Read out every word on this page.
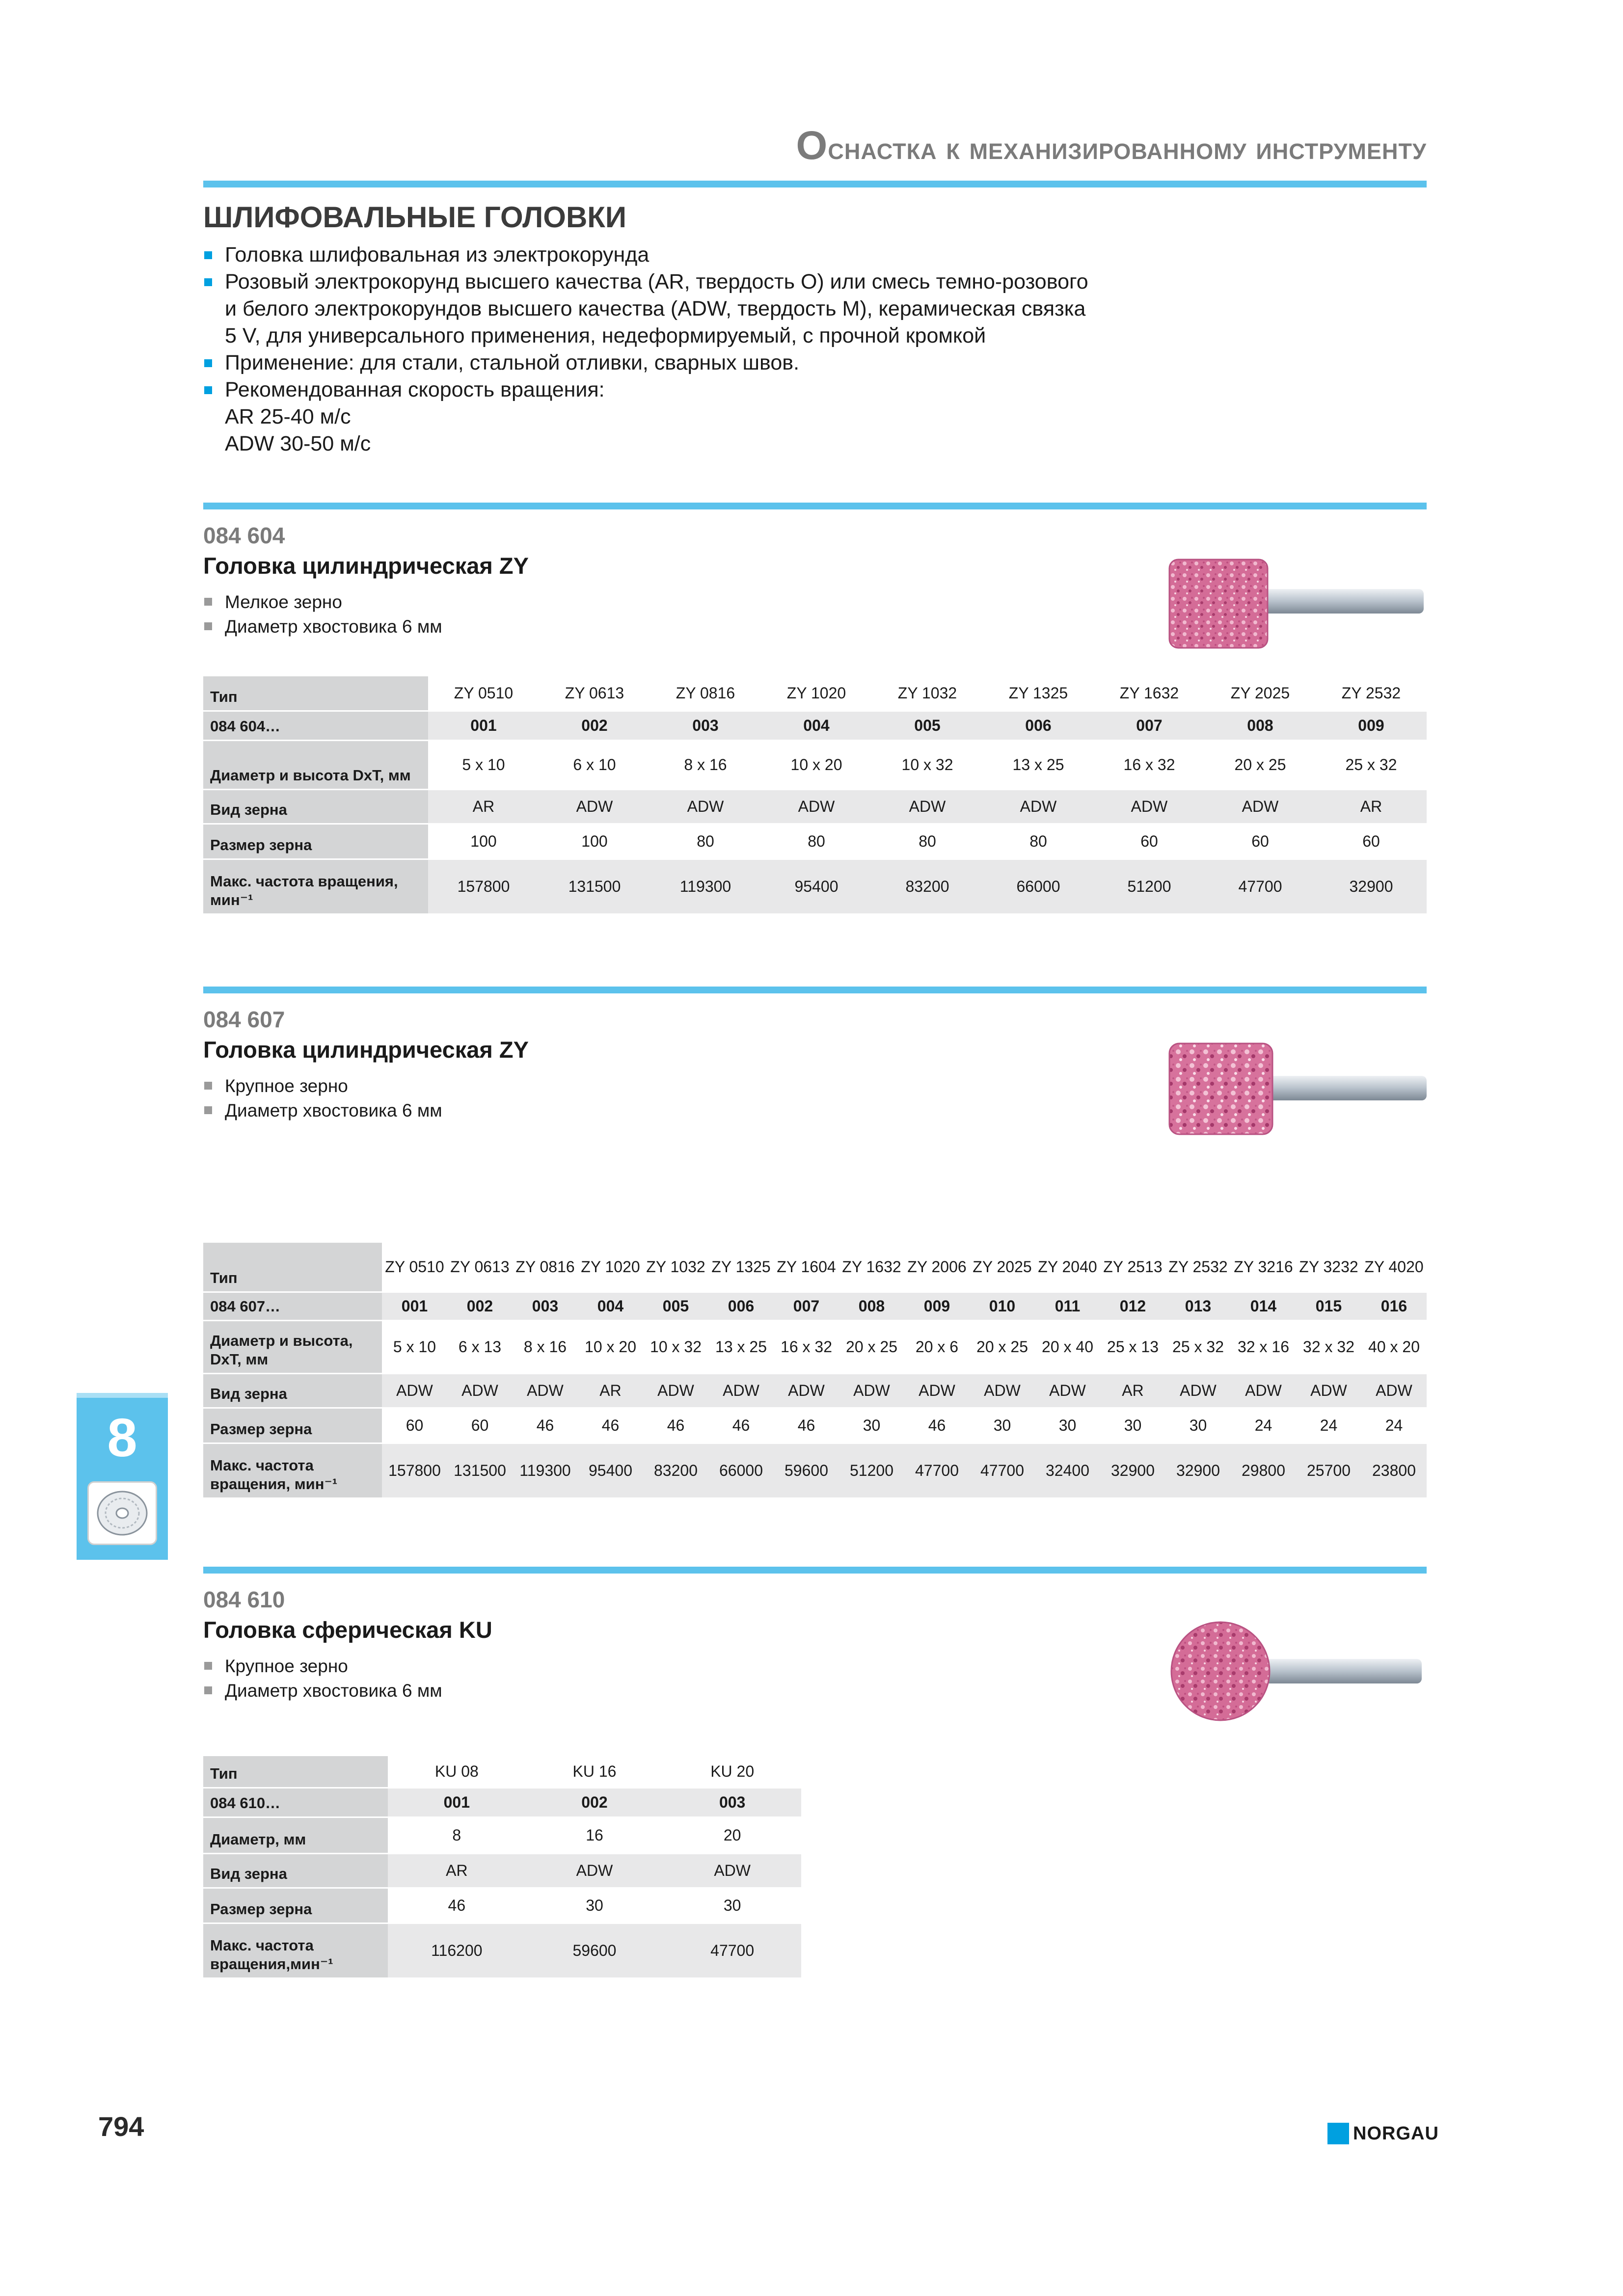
Оснастка к механизированному инструменту
ШЛИФОВАЛЬНЫЕ ГОЛОВКИ
Головка шлифовальная из электрокорунда
Розовый электрокорунд высшего качества (AR, твердость O) или смесь темно-розового
и белого электрокорундов высшего качества (ADW, твердость M), керамическая связка
5 V, для универсального применения, недеформируемый, с прочной кромкой
Применение: для стали, стальной отливки, сварных швов.
Рекомендованная скорость вращения:
AR 25-40 м/с
ADW 30-50 м/с
084 604
Головка цилиндрическая ZY
Мелкое зерно
Диаметр хвостовика 6 мм
Тип	ZY 0510	ZY 0613	ZY 0816	ZY 1020	ZY 1032	ZY 1325	ZY 1632	ZY 2025	ZY 2532
084 604…	001	002	003	004	005	006	007	008	009
Диаметр и высота DxT, мм	5 x 10	6 x 10	8 x 16	10 x 20	10 x 32	13 x 25	16 x 32	20 x 25	25 x 32
Вид зерна	AR	ADW	ADW	ADW	ADW	ADW	ADW	ADW	AR
Размер зерна	100	100	80	80	80	80	60	60	60
Макс. частота вращения, мин⁻¹	157800	131500	119300	95400	83200	66000	51200	47700	32900
084 607
Головка цилиндрическая ZY
Крупное зерно
Диаметр хвостовика 6 мм
Тип	ZY 0510	ZY 0613	ZY 0816	ZY 1020	ZY 1032	ZY 1325	ZY 1604	ZY 1632	ZY 2006	ZY 2025	ZY 2040	ZY 2513	ZY 2532	ZY 3216	ZY 3232	ZY 4020
084 607…	001	002	003	004	005	006	007	008	009	010	011	012	013	014	015	016
Диаметр и высота, DxT, мм	5 x 10	6 x 13	8 x 16	10 x 20	10 x 32	13 x 25	16 x 32	20 x 25	20 x 6	20 x 25	20 x 40	25 x 13	25 x 32	32 x 16	32 x 32	40 x 20
Вид зерна	ADW	ADW	ADW	AR	ADW	ADW	ADW	ADW	ADW	ADW	ADW	AR	ADW	ADW	ADW	ADW
Размер зерна	60	60	46	46	46	46	46	30	46	30	30	30	30	24	24	24
Макс. частота вращения, мин⁻¹	157800	131500	119300	95400	83200	66000	59600	51200	47700	47700	32400	32900	32900	29800	25700	23800
084 610
Головка сферическая KU
Крупное зерно
Диаметр хвостовика 6 мм
Тип	KU 08	KU 16	KU 20
084 610…	001	002	003
Диаметр, мм	8	16	20
Вид зерна	AR	ADW	ADW
Размер зерна	46	30	30
Макс. частота вращения,мин⁻¹	116200	59600	47700
8
794	NORGAU
